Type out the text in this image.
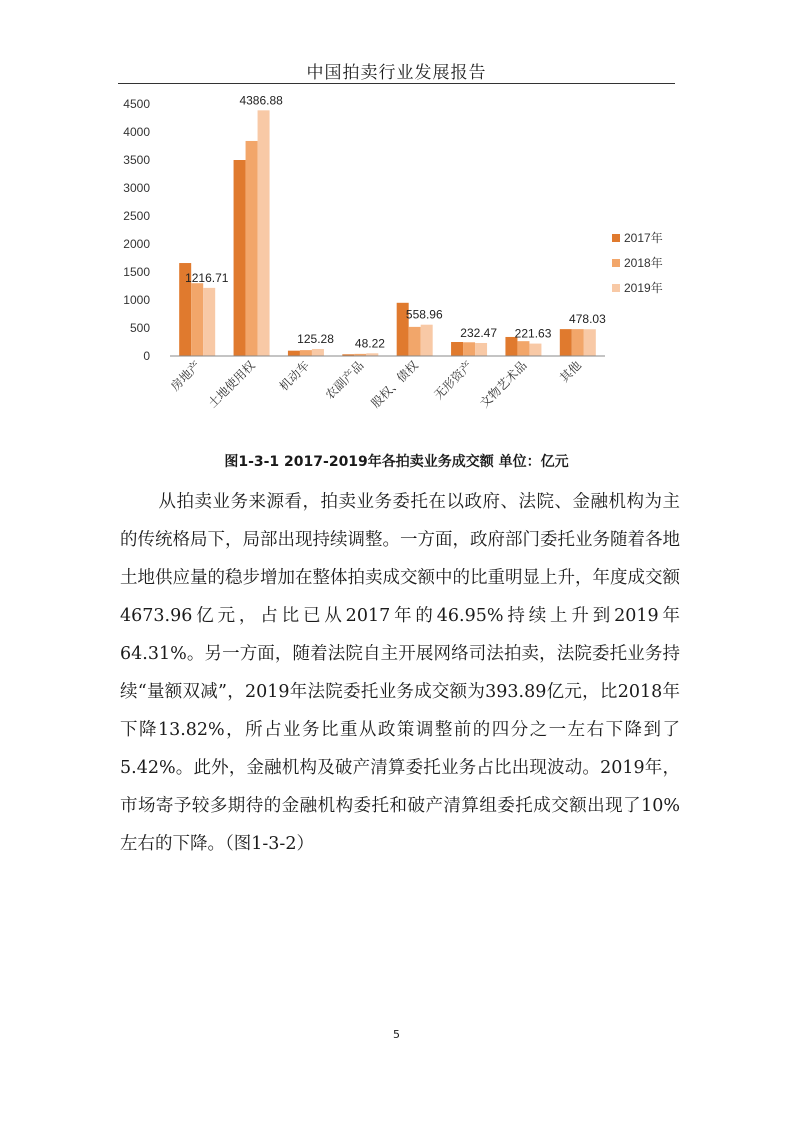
中国拍卖行业发展报告
0
500
1000
1500
2000
2500
3000
3500
4000
4500
1216.71
4386.88
125.28 48.22
558.96
232.47 221.63
478.03
房地产 土地使用权 机动车 农副产品 股权、债权 无形资产 文物艺术品 其他
2017年
2018年
2019年
图1-3-1 2017-2019年各拍卖业务成交额 单位：亿元

从拍卖业务来源看，拍卖业务委托在以政府、法院、金融机构为主的传统格局下，局部出现持续调整。一方面，政府部门委托业务随着各地土地供应量的稳步增加在整体拍卖成交额中的比重明显上升，年度成交额4673.96亿元，占比已从2017年的46.95%持续上升到2019年64.31%。另一方面，随着法院自主开展网络司法拍卖，法院委托业务持续“量额双减”，2019年法院委托业务成交额为393.89亿元，比2018年下降13.82%，所占业务比重从政策调整前的四分之一左右下降到了5.42%。此外，金融机构及破产清算委托业务占比出现波动。2019年，市场寄予较多期待的金融机构委托和破产清算组委托成交额出现了10%左右的下降。（图1-3-2）

5
